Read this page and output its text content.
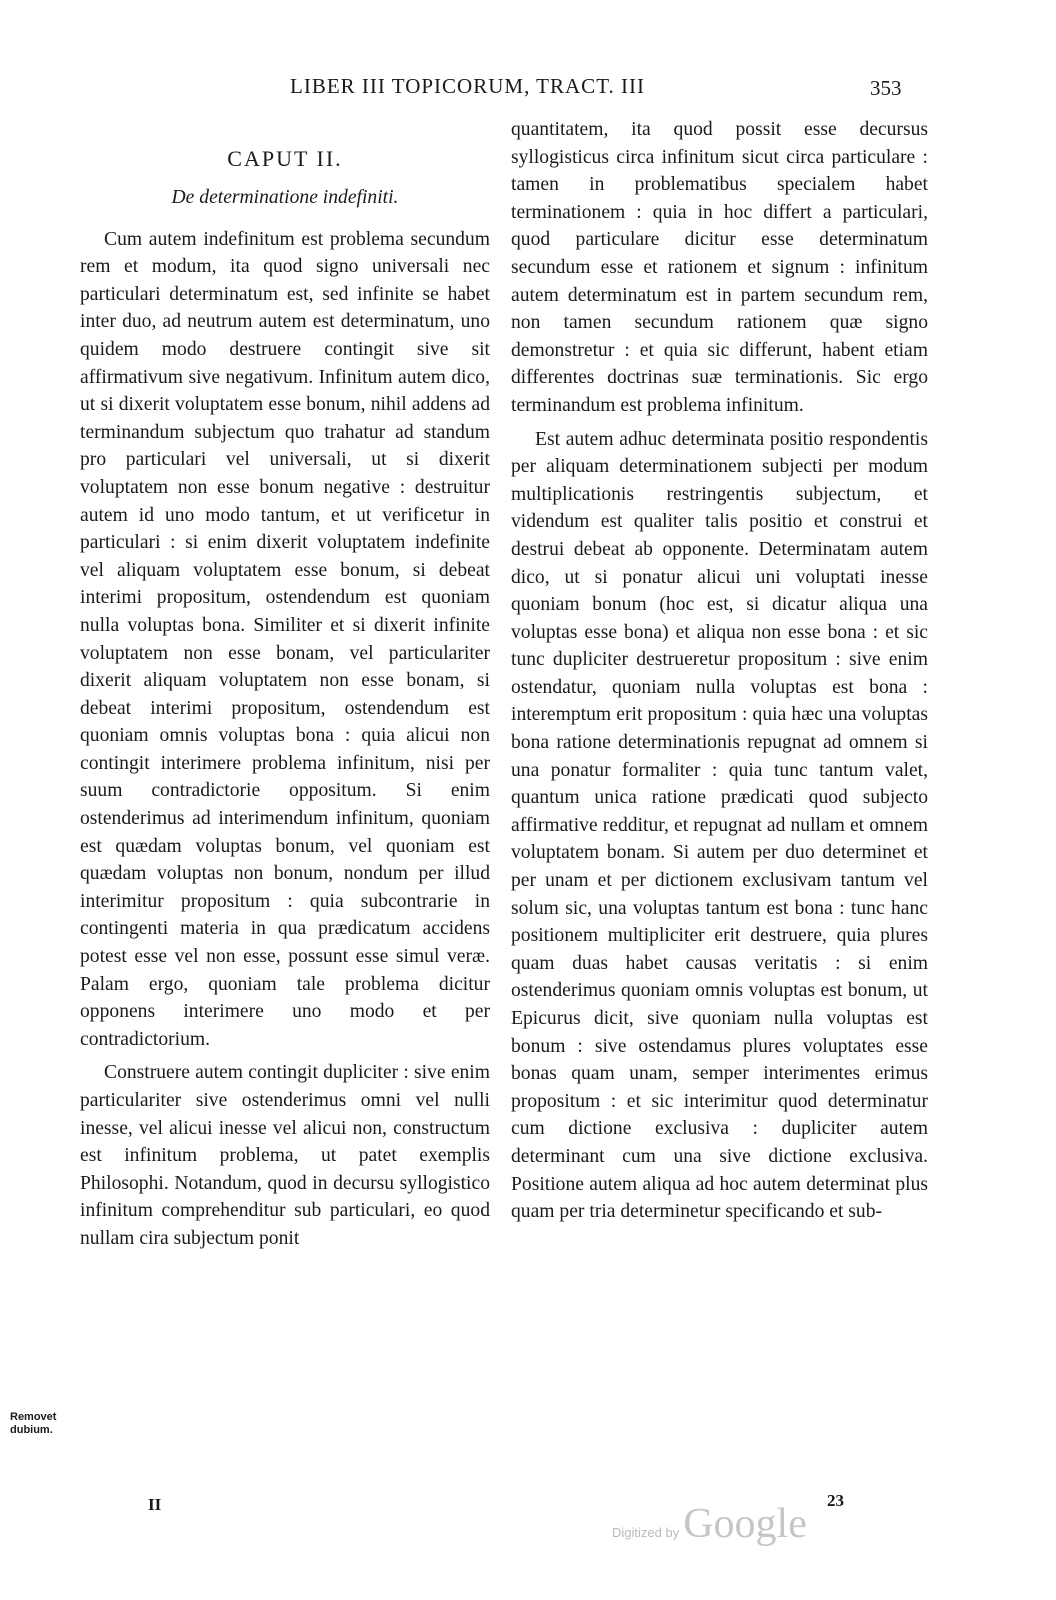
LIBER III TOPICORUM, TRACT. III	353
CAPUT II.
De determinatione indefiniti.

Cum autem indefinitum est problema secundum rem et modum, ita quod signo universali nec particulari determinatum est, sed infinite se habet inter duo, ad neutrum autem est determinatum, uno quidem modo destruere contingit sive sit affirmativum sive negativum. Infinitum autem dico, ut si dixerit voluptatem esse bonum, nihil addens ad terminandum subjectum quo trahatur ad standum pro particulari vel universali, ut si dixerit voluptatem non esse bonum negative : destruitur autem id uno modo tantum, et ut verificetur in particulari : si enim dixerit voluptatem indefinite vel aliquam voluptatem esse bonum, si debeat interimi propositum, ostendendum est quoniam nulla voluptas bona. Similiter et si dixerit infinite voluptatem non esse bonam, vel particulariter dixerit aliquam voluptatem non esse bonam, si debeat interimi propositum, ostendendum est quoniam omnis voluptas bona : quia alicui non contingit interimere problema infinitum, nisi per suum contradictorie oppositum. Si enim ostenderimus ad interimendum infinitum, quoniam est quædam voluptas bonum, vel quoniam est quædam voluptas non bonum, nondum per illud interimitur propositum : quia subcontrarie in contingenti materia in qua prædicatum accidens potest esse vel non esse, possunt esse simul veræ. Palam ergo, quoniam tale problema dicitur opponens interimere uno modo et per contradictorium.

Construere autem contingit dupliciter : sive enim particulariter sive ostenderimus omni vel nulli inesse, vel alicui inesse vel alicui non, constructum est infinitum problema, ut patet exemplis Philosophi. Notandum, quod in decursu syllogistico infinitum comprehenditur sub particulari, eo quod nullam cira subjectum ponit

quantitatem, ita quod possit esse decursus syllogisticus circa infinitum sicut circa particulare : tamen in problematibus specialem habet terminationem : quia in hoc differt a particulari, quod particulare dicitur esse determinatum secundum esse et rationem et signum : infinitum autem determinatum est in partem secundum rem, non tamen secundum rationem quæ signo demonstretur : et quia sic differunt, habent etiam differentes doctrinas suæ terminationis. Sic ergo terminandum est problema infinitum.

Est autem adhuc determinata positio respondentis per aliquam determinationem subjecti per modum multiplicationis restringentis subjectum, et videndum est qualiter talis positio et construi et destrui debeat ab opponente. Determinatam autem dico, ut si ponatur alicui uni voluptati inesse quoniam bonum (hoc est, si dicatur aliqua una voluptas esse bona) et aliqua non esse bona : et sic tunc dupliciter destrueretur propositum : sive enim ostendatur, quoniam nulla voluptas est bona : interemptum erit propositum : quia hæc una voluptas bona ratione determinationis repugnat ad omnem si una ponatur formaliter : quia tunc tantum valet, quantum unica ratione prædicati quod subjecto affirmative redditur, et repugnat ad nullam et omnem voluptatem bonam. Si autem per duo determinet et per unam et per dictionem exclusivam tantum vel solum sic, una voluptas tantum est bona : tunc hanc positionem multipliciter erit destruere, quia plures quam duas habet causas veritatis : si enim ostenderimus quoniam omnis voluptas est bonum, ut Epicurus dicit, sive quoniam nulla voluptas est bonum : sive ostendamus plures voluptates esse bonas quam unam, semper interimentes erimus propositum : et sic interimitur quod determinatur cum dictione exclusiva : dupliciter autem determinant cum una sive dictione exclusiva. Positione autem aliqua ad hoc autem determinat plus quam per tria determinetur specificando et sub-

Removet
dubium.
II	23
Digitized by Google
